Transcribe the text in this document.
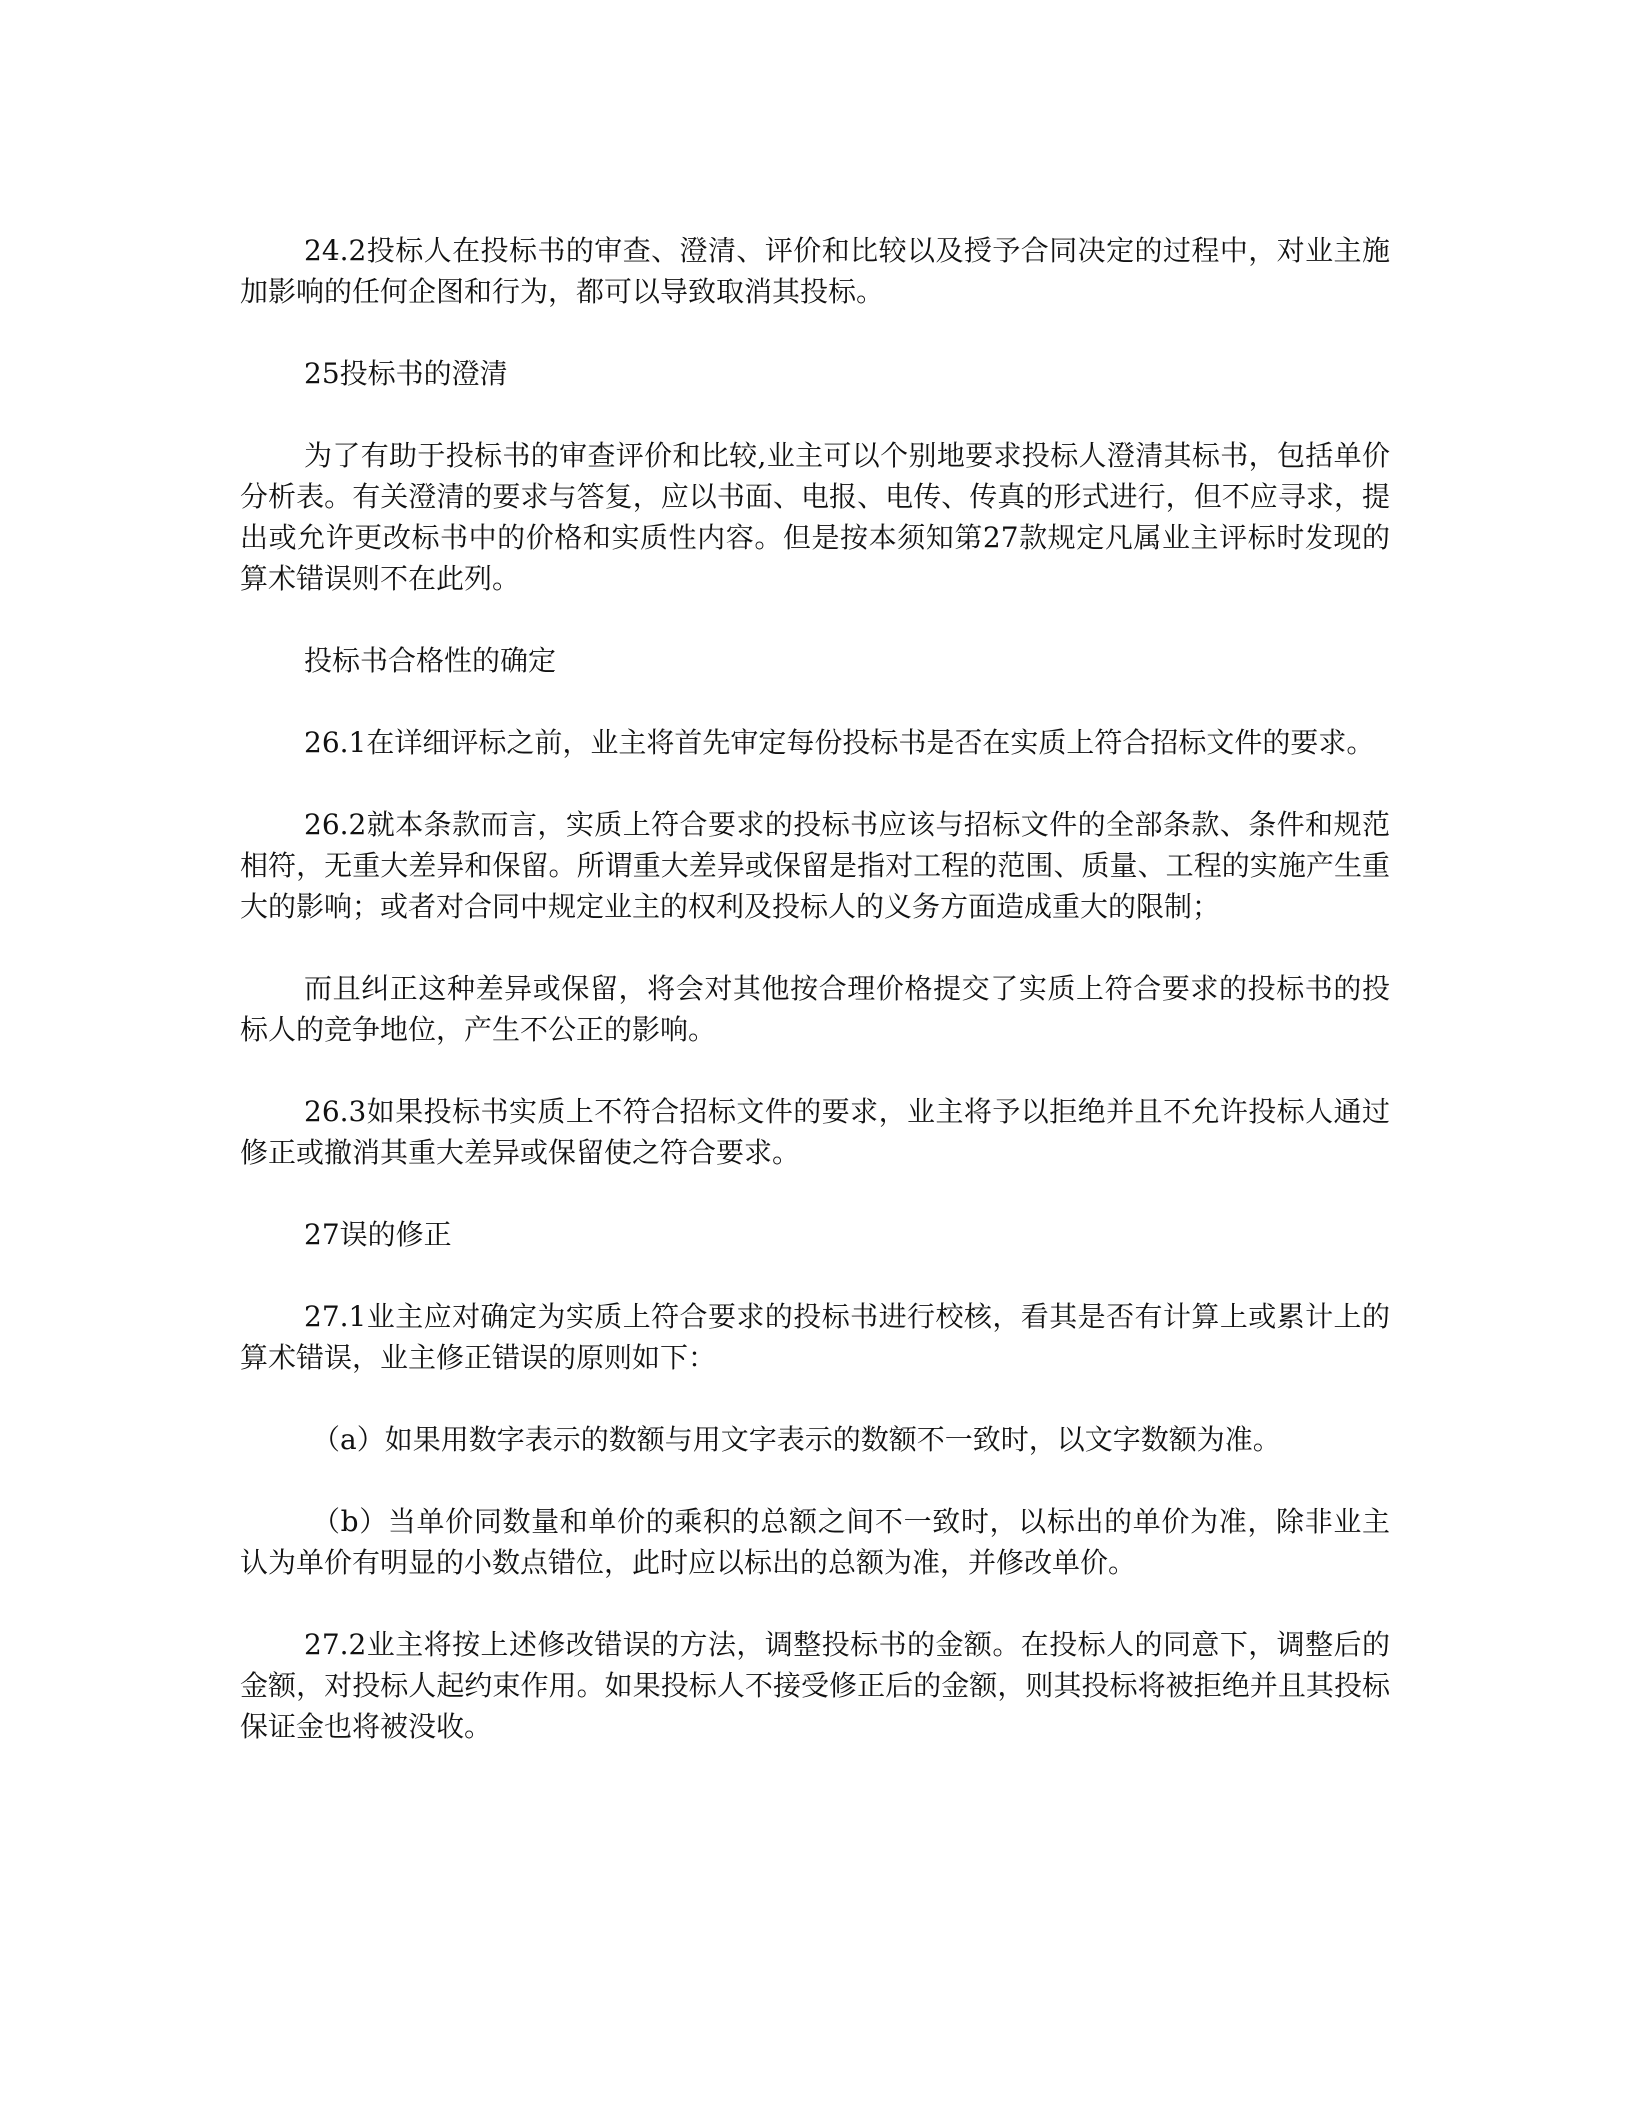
24.2投标人在投标书的审查、澄清、评价和比较以及授予合同决定的过程中，对业主施加影响的任何企图和行为，都可以导致取消其投标。

25投标书的澄清

为了有助于投标书的审查评价和比较,业主可以个别地要求投标人澄清其标书，包括单价分析表。有关澄清的要求与答复，应以书面、电报、电传、传真的形式进行，但不应寻求，提出或允许更改标书中的价格和实质性内容。但是按本须知第27款规定凡属业主评标时发现的算术错误则不在此列。

投标书合格性的确定

26.1在详细评标之前，业主将首先审定每份投标书是否在实质上符合招标文件的要求。

26.2就本条款而言，实质上符合要求的投标书应该与招标文件的全部条款、条件和规范相符，无重大差异和保留。所谓重大差异或保留是指对工程的范围、质量、工程的实施产生重大的影响；或者对合同中规定业主的权利及投标人的义务方面造成重大的限制；

而且纠正这种差异或保留，将会对其他按合理价格提交了实质上符合要求的投标书的投标人的竞争地位，产生不公正的影响。

26.3如果投标书实质上不符合招标文件的要求，业主将予以拒绝并且不允许投标人通过修正或撤消其重大差异或保留使之符合要求。

27误的修正

27.1业主应对确定为实质上符合要求的投标书进行校核，看其是否有计算上或累计上的算术错误，业主修正错误的原则如下：

（a）如果用数字表示的数额与用文字表示的数额不一致时，以文字数额为准。

（b）当单价同数量和单价的乘积的总额之间不一致时，以标出的单价为准，除非业主认为单价有明显的小数点错位，此时应以标出的总额为准，并修改单价。

27.2业主将按上述修改错误的方法，调整投标书的金额。在投标人的同意下，调整后的金额，对投标人起约束作用。如果投标人不接受修正后的金额，则其投标将被拒绝并且其投标保证金也将被没收。
